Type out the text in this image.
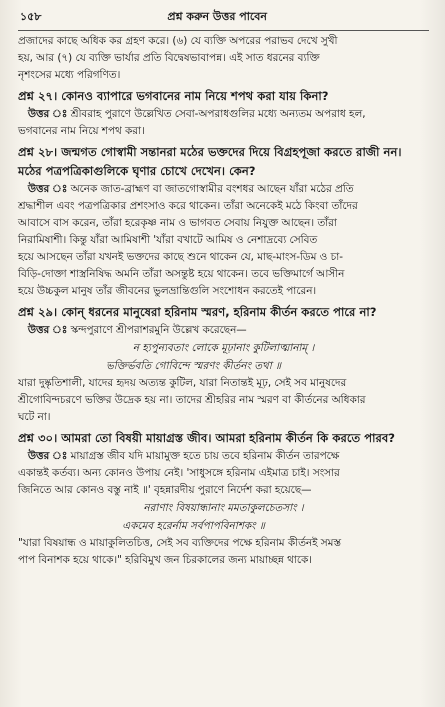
১৫৮	প্রশ্ন করুন উত্তর পাবেন

প্রজাদের কাছে অধিক কর গ্রহণ করে। (৬) যে ব্যক্তি অপরের পরাভব দেখে সুখী

হয়, আর (৭) যে ব্যক্তি ভার্যার প্রতি বিদ্বেষভাবাপন্ন। এই সাত ধরনের ব্যক্তি

নৃশংসের মধ্যে পরিগণিত।

প্রশ্ন ২৭। কোনও ব্যাপারে ভগবানের নাম নিয়ে শপথ করা যায় কিনা?

উত্তর ঃ শ্রীবরাহ পুরাণে উল্লেখিত সেবা-অপরাধগুলির মধ্যে অন্যতম অপরাধ হল,

ভগবানের নাম নিয়ে শপথ করা।

প্রশ্ন ২৮। জন্মগত গোস্বামী সন্তানরা মঠের ভক্তদের দিয়ে বিগ্রহপূজা করতে রাজী নন। মঠের পত্রপত্রিকাগুলিকে ঘৃণার চোখে দেখেন। কেন?

উত্তর ঃ অনেক জাত-ব্রাহ্মণ বা জাতগোস্বামীর বংশধর আছেন যাঁরা মঠের প্রতি

শ্রদ্ধাশীল এবং পত্রপত্রিকার প্রশংসাও করে থাকেন। তাঁরা অনেকেই মঠে কিংবা তাঁদের

আবাসে বাস করেন, তাঁরা হরেকৃষ্ণ নাম ও ভাগবত সেবায় নিযুক্ত আছেন। তাঁরা

নিরামিষাশী। কিন্তু যাঁরা আমিষাশী 'যাঁরা বখাটে আমিষ ও নেশাদ্রব্যে সেবিত

হয়ে আসছেন তাঁরা যখনই ভক্তদের কাছে শুনে থাকেন যে, মাছ-মাংস-ডিম ও চা-

বিড়ি-দোক্তা শাস্ত্রনিষিদ্ধ অমনি তাঁরা অসন্তুষ্ট হয়ে থাকেন। তবে ভক্তিমার্গে আসীন

হয়ে উচ্চকুল মানুষ তাঁর জীবনের ভুলভ্রান্তিগুলি সংশোধন করতেই পারেন।

প্রশ্ন ২৯। কোন্ ধরনের মানুষেরা হরিনাম স্মরণ, হরিনাম কীর্তন করতে পারে না?

উত্তর ঃ স্কন্দপুরাণে শ্রীপরাশরমুনি উল্লেখ করেছেন—

ন হ্যপুন্যবতাং লোকে মূঢ়ানাং কুটিলাত্মানাম্ ।

ভক্তির্ভবতি গোবিন্দে স্মরণং কীর্তনং তথা ॥

যারা দুষ্কৃতিশালী, যাদের হৃদয় অত্যন্ত কুটিল, যারা নিতান্তই মূঢ়, সেই সব মানুষদের

শ্রীগোবিন্দচরণে ভক্তির উদ্রেক হয় না। তাদের শ্রীহরির নাম স্মরণ বা কীর্তনের অধিকার

ঘটে না।

প্রশ্ন ৩০। আমরা তো বিষয়ী মায়াগ্রস্ত জীব। আমরা হরিনাম কীর্তন কি করতে পারব?

উত্তর ঃ মায়াগ্রস্ত জীব যদি মায়ামুক্ত হতে চায় তবে হরিনাম কীর্তন তারপক্ষে

একান্তই কর্তব্য। অন্য কোনও উপায় নেই। 'সাধুসঙ্গে হরিনাম এইমাত্র চাই। সংসার

জিনিতে আর কোনও বস্তু নাই ॥' বৃহন্নারদীয় পুরাণে নির্দেশ করা হয়েছে—

নরাণাং বিষয়ান্ধানাং মমতাকুলচেতসাং ।

একমেব হরের্নাম সর্বপাপবিনাশকং ॥

"যারা বিষয়ান্ধ ও মায়াকুলিতচিত্ত, সেই সব ব্যক্তিদের পক্ষে হরিনাম কীর্তনই সমস্ত

পাপ বিনাশক হয়ে থাকে।" হরিবিমুখ জন চিরকালের জন্য মায়াচ্ছন্ন থাকে।
